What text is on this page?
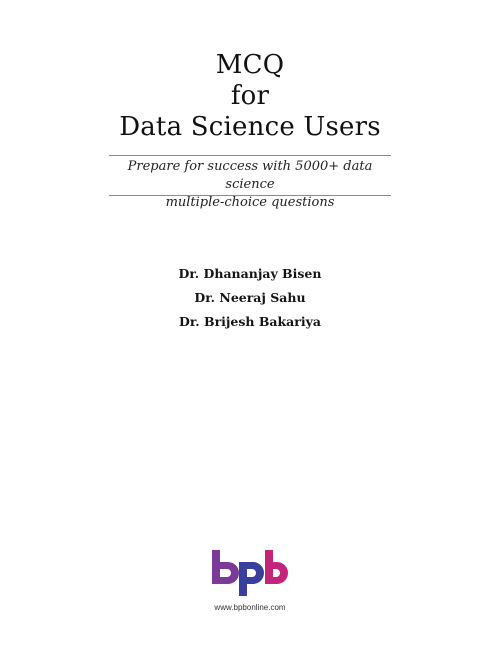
MCQ
for
Data Science Users
Prepare for success with 5000+ data science
multiple-choice questions
Dr. Dhananjay Bisen
Dr. Neeraj Sahu
Dr. Brijesh Bakariya
www.bpbonline.com
